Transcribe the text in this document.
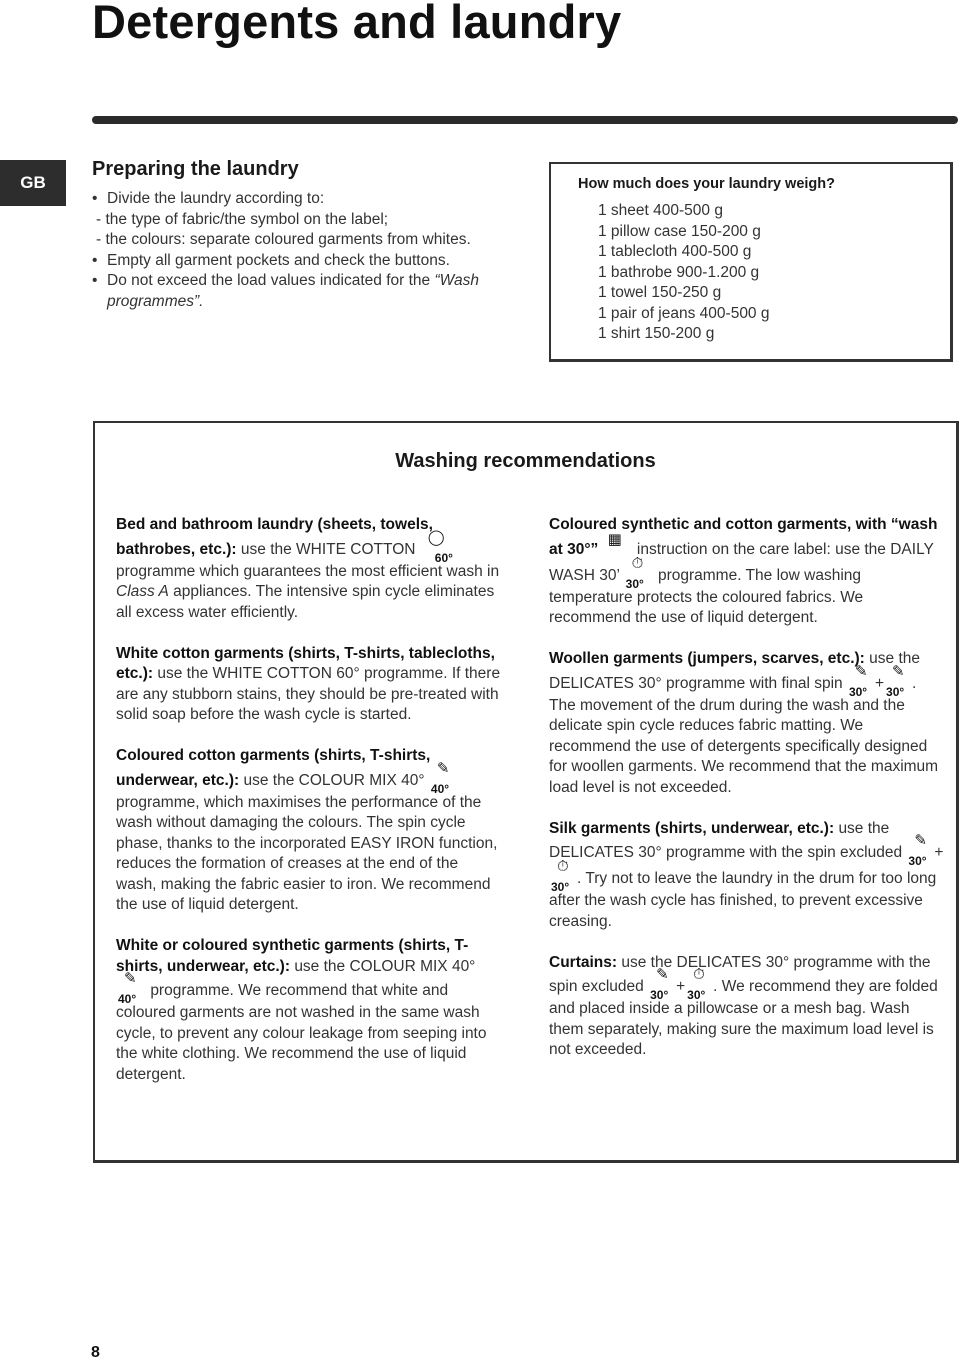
Detergents and laundry
GB
Preparing the laundry
• Divide the laundry according to:
- the type of fabric/the symbol on the label;
- the colours: separate coloured garments from whites.
• Empty all garment pockets and check the buttons.
• Do not exceed the load values indicated for the “Wash programmes”.
How much does your laundry weigh?
1 sheet 400-500 g
1 pillow case 150-200 g
1 tablecloth 400-500 g
1 bathrobe 900-1.200 g
1 towel 150-250 g
1 pair of jeans 400-500 g
1 shirt 150-200 g
Washing recommendations

Bed and bathroom laundry (sheets, towels, bathrobes, etc.): use the WHITE COTTON
◯
60°
programme which guarantees the most efficient wash in Class A appliances. The intensive spin cycle eliminates all excess water efficiently.

White cotton garments (shirts, T-shirts, tablecloths, etc.): use the WHITE COTTON 60° programme. If there are any stubborn stains, they should be pre-treated with solid soap before the wash cycle is started.

Coloured cotton garments (shirts, T-shirts, underwear, etc.): use the COLOUR MIX 40°
✎
40°
programme, which maximises the performance of the wash without damaging the colours. The spin cycle phase, thanks to the incorporated EASY IRON function, reduces the formation of creases at the end of the wash, making the fabric easier to iron. We recommend the use of liquid detergent.

White or coloured synthetic garments (shirts, T-shirts, underwear, etc.): use the COLOUR MIX 40°
✎
40° programme. We recommend that white and coloured garments are not washed in the same wash cycle, to prevent any colour leakage from seeping into the white clothing. We recommend the use of liquid detergent.

Coloured synthetic and cotton garments, with “wash at 30°”
▦
instruction on the care label: use the DAILY WASH 30’
⏱
30° programme. The low washing temperature protects the coloured fabrics. We recommend the use of liquid detergent.

Woollen garments (jumpers, scarves, etc.): use the DELICATES 30° programme with final spin
✎
30° +
✎
30° . The movement of the drum during the wash and the delicate spin cycle reduces fabric matting. We recommend the use of detergents specifically designed for woollen garments. We recommend that the maximum load level is not exceeded.

Silk garments (shirts, underwear, etc.): use the DELICATES 30° programme with the spin excluded
✎
30° +
⏱
30° . Try not to leave the laundry in the drum for too long after the wash cycle has finished, to prevent excessive creasing.

Curtains: use the DELICATES 30° programme with the spin excluded
✎
30° +
⏱
30° . We recommend they are folded and placed inside a pillowcase or a mesh bag. Wash them separately, making sure the maximum load level is not exceeded.

8
